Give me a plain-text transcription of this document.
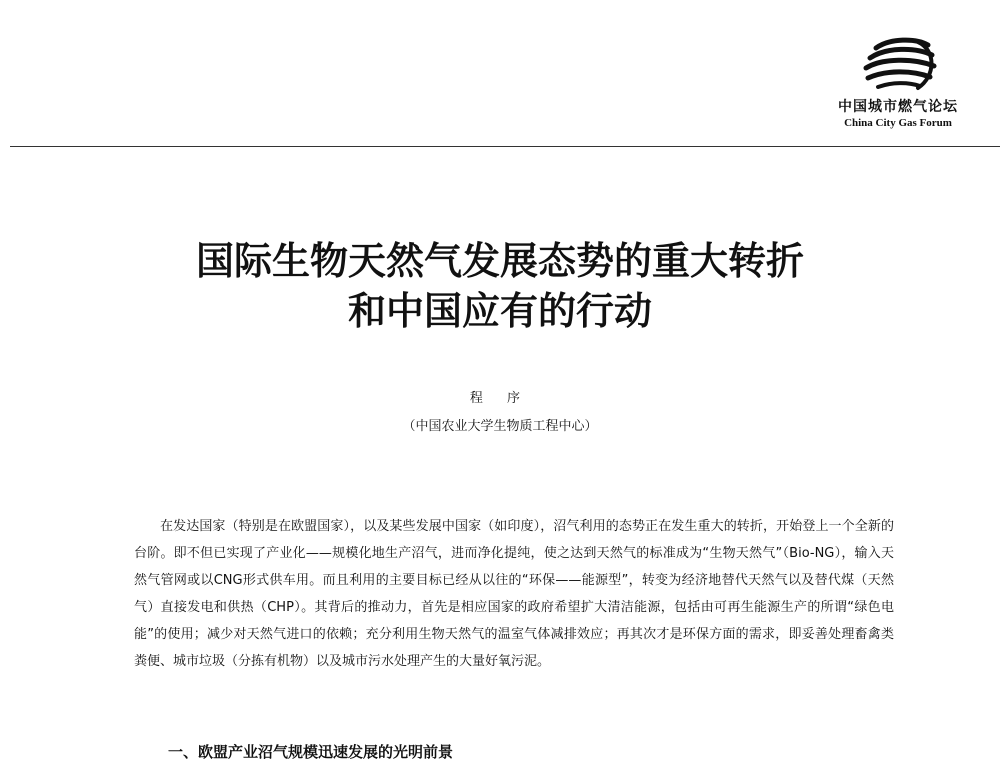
中国城市燃气论坛
China City Gas Forum
国际生物天然气发展态势的重大转折
和中国应有的行动
程 序
（中国农业大学生物质工程中心）

在发达国家（特别是在欧盟国家），以及某些发展中国家（如印度），沼气利用的态势正在发生重大的转折，开始登上一个全新的台阶。即不但已实现了产业化——规模化地生产沼气，进而净化提纯，使之达到天然气的标准成为“生物天然气”（Bio-NG），输入天然气管网或以CNG形式供车用。而且利用的主要目标已经从以往的“环保——能源型”，转变为经济地替代天然气以及替代煤（天然气）直接发电和供热（CHP）。其背后的推动力，首先是相应国家的政府希望扩大清洁能源，包括由可再生能源生产的所谓“绿色电能”的使用；减少对天然气进口的依赖；充分利用生物天然气的温室气体减排效应；再其次才是环保方面的需求，即妥善处理畜禽类粪便、城市垃圾（分拣有机物）以及城市污水处理产生的大量好氧污泥。

一、欧盟产业沼气规模迅速发展的光明前景
